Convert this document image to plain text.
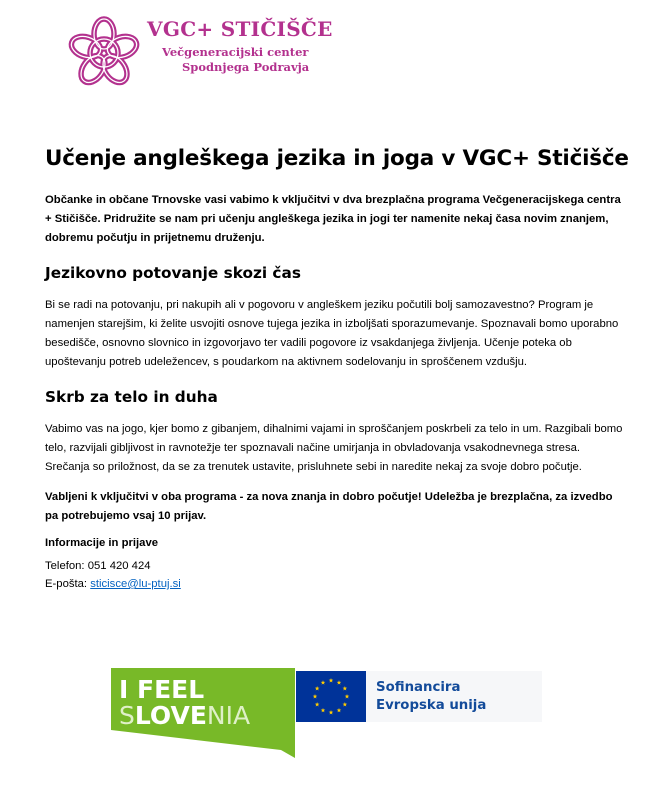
VGC+ STIČIŠČE
Večgeneracijski center
Spodnjega Podravja
Učenje angleškega jezika in joga v VGC+ Stičišče
Občanke in občane Trnovske vasi vabimo k vključitvi v dva brezplačna programa Večgeneracijskega centra + Stičišče. Pridružite se nam pri učenju angleškega jezika in jogi ter namenite nekaj časa novim znanjem, dobremu počutju in prijetnemu druženju.
Jezikovno potovanje skozi čas

Bi se radi na potovanju, pri nakupih ali v pogovoru v angleškem jeziku počutili bolj samozavestno? Program je namenjen starejšim, ki želite usvojiti osnove tujega jezika in izboljšati sporazumevanje. Spoznavali bomo uporabno besedišče, osnovno slovnico in izgovorjavo ter vadili pogovore iz vsakdanjega življenja. Učenje poteka ob upoštevanju potreb udeležencev, s poudarkom na aktivnem sodelovanju in sproščenem vzdušju.

Skrb za telo in duha

Vabimo vas na jogo, kjer bomo z gibanjem, dihalnimi vajami in sproščanjem poskrbeli za telo in um. Razgibali bomo telo, razvijali gibljivost in ravnotežje ter spoznavali načine umirjanja in obvladovanja vsakodnevnega stresa. Srečanja so priložnost, da se za trenutek ustavite, prisluhnete sebi in naredite nekaj za svoje dobro počutje.

Vabljeni k vključitvi v oba programa - za nova znanja in dobro počutje! Udeležba je brezplačna, za izvedbo pa potrebujemo vsaj 10 prijav.
Informacije in prijave
Telefon: 051 420 424
E-pošta: sticisce@lu-ptuj.si
I FEEL
SLOVENIA
Sofinancira
Evropska unija
